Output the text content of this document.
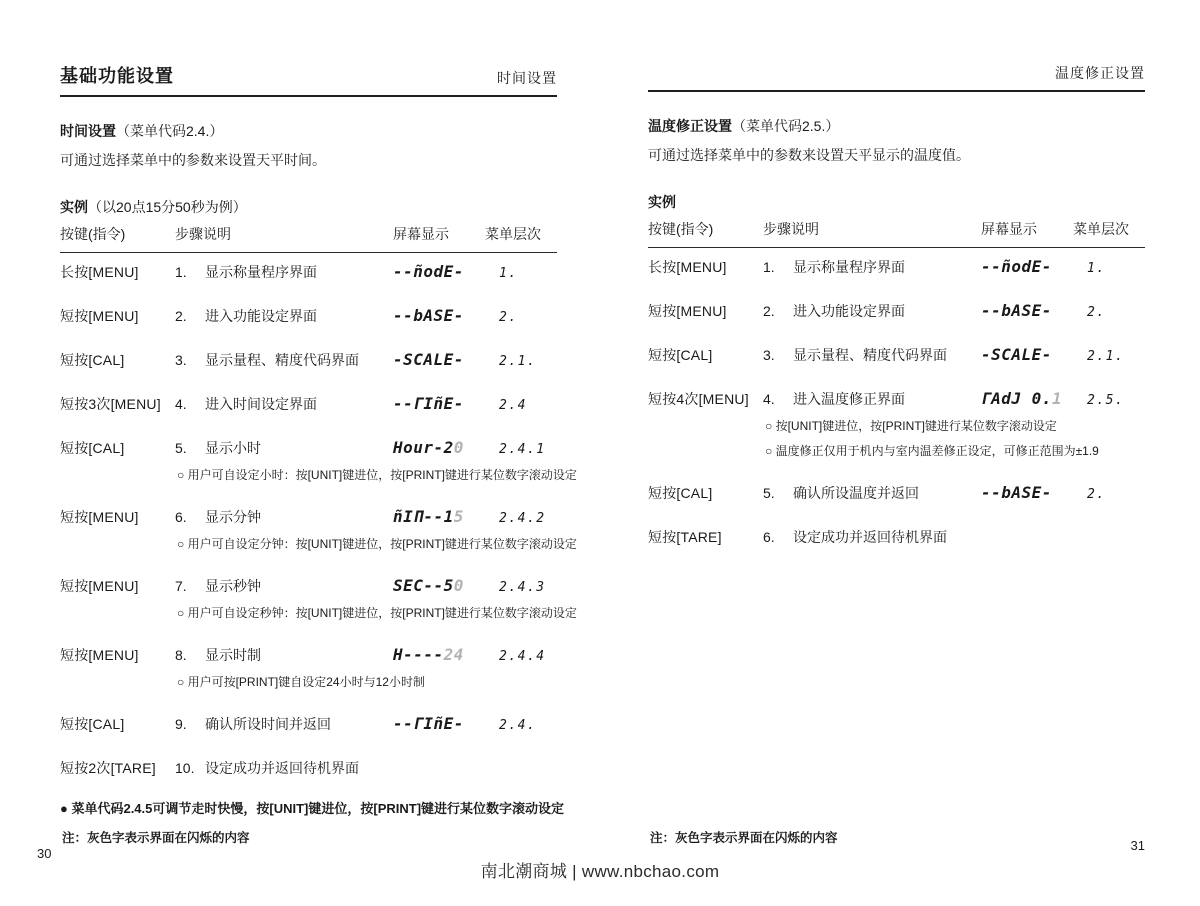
基础功能设置	时间设置
时间设置（菜单代码2.4.）
可通过选择菜单中的参数来设置天平时间。
实例（以20点15分50秒为例）
按键(指令)	步骤说明	屏幕显示	菜单层次
长按[MENU]	1. 显示称量程序界面	--ñodE-	1.
短按[MENU]	2. 进入功能设定界面	--bASE-	2.
短按[CAL]	3. 显示量程、精度代码界面	-SCALE-	2.1.
短按3次[MENU]	4. 进入时间设定界面	--ΓIñE-	2.4
短按[CAL]	5. 显示小时	Hour-20	2.4.1
○ 用户可自设定小时：按[UNIT]键进位，按[PRINT]键进行某位数字滚动设定
短按[MENU]	6. 显示分钟	ñIΠ--15	2.4.2
○ 用户可自设定分钟：按[UNIT]键进位，按[PRINT]键进行某位数字滚动设定
短按[MENU]	7. 显示秒钟	SEC--50	2.4.3
○ 用户可自设定秒钟：按[UNIT]键进位，按[PRINT]键进行某位数字滚动设定
短按[MENU]	8. 显示时制	H----24	2.4.4
○ 用户可按[PRINT]键自设定24小时与12小时制
短按[CAL]	9. 确认所设时间并返回	--ΓIñE-	2.4.
短按2次[TARE]	10. 设定成功并返回待机界面
● 菜单代码2.4.5可调节走时快慢，按[UNIT]键进位，按[PRINT]键进行某位数字滚动设定
注：灰色字表示界面在闪烁的内容
30
温度修正设置
温度修正设置（菜单代码2.5.）
可通过选择菜单中的参数来设置天平显示的温度值。
实例
按键(指令)	步骤说明	屏幕显示	菜单层次
长按[MENU]	1. 显示称量程序界面	--ñodE-	1.
短按[MENU]	2. 进入功能设定界面	--bASE-	2.
短按[CAL]	3. 显示量程、精度代码界面	-SCALE-	2.1.
短按4次[MENU]	4. 进入温度修正界面	ΓAdJ 0.1	2.5.
○ 按[UNIT]键进位，按[PRINT]键进行某位数字滚动设定
○ 温度修正仅用于机内与室内温差修正设定，可修正范围为±1.9
短按[CAL]	5. 确认所设温度并返回	--bASE-	2.
短按[TARE]	6. 设定成功并返回待机界面
注：灰色字表示界面在闪烁的内容	31
南北潮商城 | www.nbchao.com
